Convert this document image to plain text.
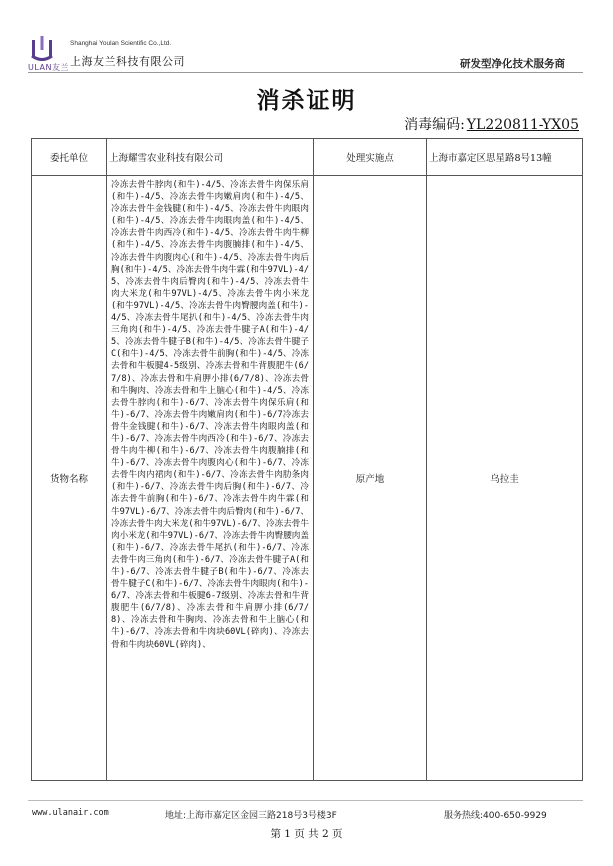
ULAN友兰
Shanghai Youlan Scientific Co.,Ltd.
上海友兰科技有限公司	研发型净化技术服务商
消杀证明
消毒编码: YL220811-YX05
委托单位	上海耀雪农业科技有限公司	处理实施点	上海市嘉定区思星路8号13幢
货物名称	冷冻去骨牛脖肉(和牛)-4/5、冷冻去骨牛肉保乐肩(和牛)-4/5、冷冻去骨牛肉嫩肩肉(和牛)-4/5、冷冻去骨牛金钱腱(和牛)-4/5、冷冻去骨牛肉眼肉(和牛)-4/5、冷冻去骨牛肉眼肉盖(和牛)-4/5、冷冻去骨牛肉西冷(和牛)-4/5、冷冻去骨牛肉牛柳(和牛)-4/5、冷冻去骨牛肉腹腩排(和牛)-4/5、冷冻去骨牛肉腹肉心(和牛)-4/5、冷冻去骨牛肉后胸(和牛)-4/5、冷冻去骨牛肉牛霖(和牛97VL)-4/5、冷冻去骨牛肉后臀肉(和牛)-4/5、冷冻去骨牛肉大米龙(和牛97VL)-4/5、冷冻去骨牛肉小米龙(和牛97VL)-4/5、冷冻去骨牛肉臀腰肉盖(和牛)-4/5、冷冻去骨牛尾扒(和牛)-4/5、冷冻去骨牛肉三角肉(和牛)-4/5、冷冻去骨牛腱子A(和牛)-4/5、冷冻去骨牛腱子B(和牛)-4/5、冷冻去骨牛腱子C(和牛)-4/5、冷冻去骨牛前胸(和牛)-4/5、冷冻去骨和牛板腱4-5级别、冷冻去骨和牛背腹肥牛(6/7/8)、冷冻去骨和牛肩胛小排(6/7/8)、冷冻去骨和牛胸肉、冷冻去骨和牛上脑心(和牛)-4/5、冷冻去骨牛脖肉(和牛)-6/7、冷冻去骨牛肉保乐肩(和牛)-6/7、冷冻去骨牛肉嫩肩肉(和牛)-6/7冷冻去骨牛金钱腱(和牛)-6/7、冷冻去骨牛肉眼肉盖(和牛)-6/7、冷冻去骨牛肉西冷(和牛)-6/7、冷冻去骨牛肉牛柳(和牛)-6/7、冷冻去骨牛肉腹腩排(和牛)-6/7、冷冻去骨牛肉腹肉心(和牛)-6/7、冷冻去骨牛肉内裙肉(和牛)-6/7、冷冻去骨牛肉肋条肉(和牛)-6/7、冷冻去骨牛肉后胸(和牛)-6/7、冷冻去骨牛前胸(和牛)-6/7、冷冻去骨牛肉牛霖(和牛97VL)-6/7、冷冻去骨牛肉后臀肉(和牛)-6/7、冷冻去骨牛肉大米龙(和牛97VL)-6/7、冷冻去骨牛肉小米龙(和牛97VL)-6/7、冷冻去骨牛肉臀腰肉盖(和牛)-6/7、冷冻去骨牛尾扒(和牛)-6/7、冷冻去骨牛肉三角肉(和牛)-6/7、冷冻去骨牛腱子A(和牛)-6/7、冷冻去骨牛腱子B(和牛)-6/7、冷冻去骨牛腱子C(和牛)-6/7、冷冻去骨牛肉眼肉(和牛)-6/7、冷冻去骨和牛板腱6-7级别、冷冻去骨和牛背腹肥牛(6/7/8)、冷冻去骨和牛肩胛小排(6/7/8)、冷冻去骨和牛胸肉、冷冻去骨和牛上脑心(和牛)-6/7、冷冻去骨和牛肉块60VL(碎肉)、冷冻去骨和牛肉块60VL(碎肉)、	原产地	乌拉圭
www.ulanair.com	地址:上海市嘉定区金园三路218号3号楼3F	服务热线:400-650-9929
第 1 页 共 2 页
